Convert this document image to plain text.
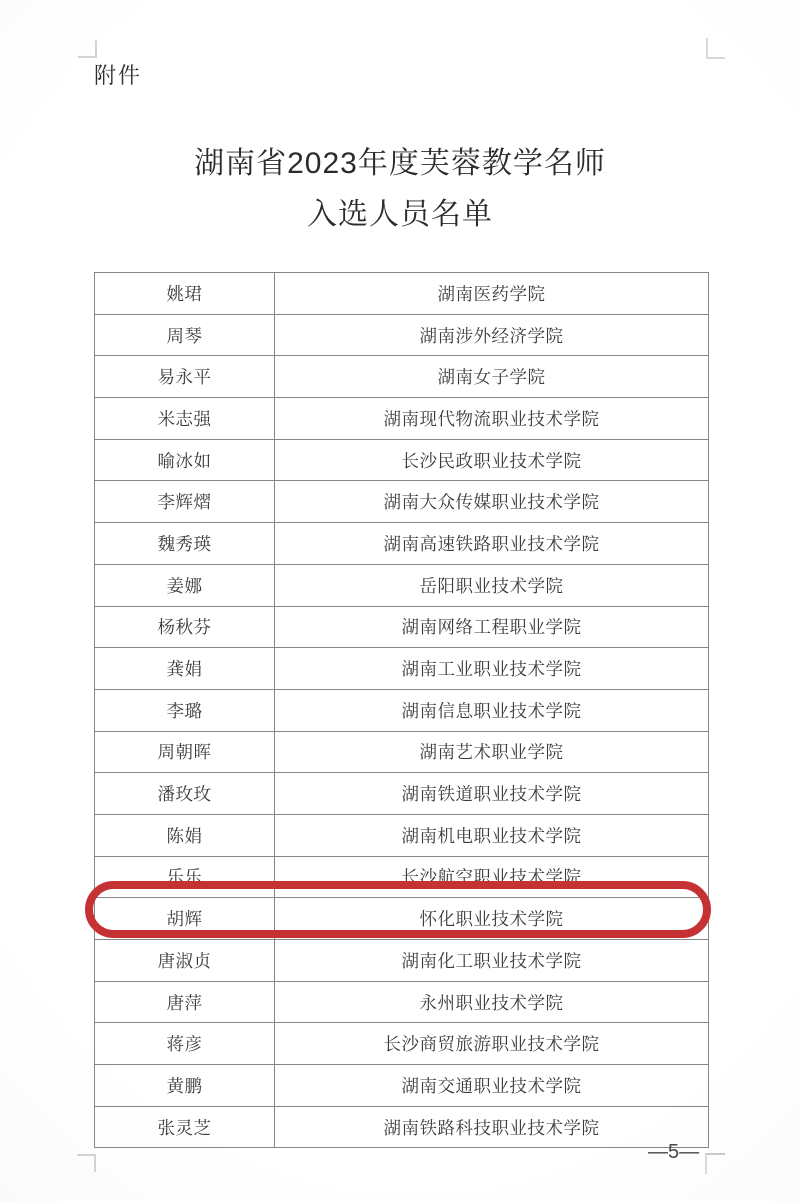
附件
湖南省2023年度芙蓉教学名师
入选人员名单
姚珺	湖南医药学院
周琴	湖南涉外经济学院
易永平	湖南女子学院
米志强	湖南现代物流职业技术学院
喻冰如	长沙民政职业技术学院
李辉熠	湖南大众传媒职业技术学院
魏秀瑛	湖南高速铁路职业技术学院
姜娜	岳阳职业技术学院
杨秋芬	湖南网络工程职业学院
龚娟	湖南工业职业技术学院
李璐	湖南信息职业技术学院
周朝晖	湖南艺术职业学院
潘玫玫	湖南铁道职业技术学院
陈娟	湖南机电职业技术学院
乐乐	长沙航空职业技术学院
胡辉	怀化职业技术学院
唐淑贞	湖南化工职业技术学院
唐萍	永州职业技术学院
蒋彦	长沙商贸旅游职业技术学院
黄鹏	湖南交通职业技术学院
张灵芝	湖南铁路科技职业技术学院
—5—
